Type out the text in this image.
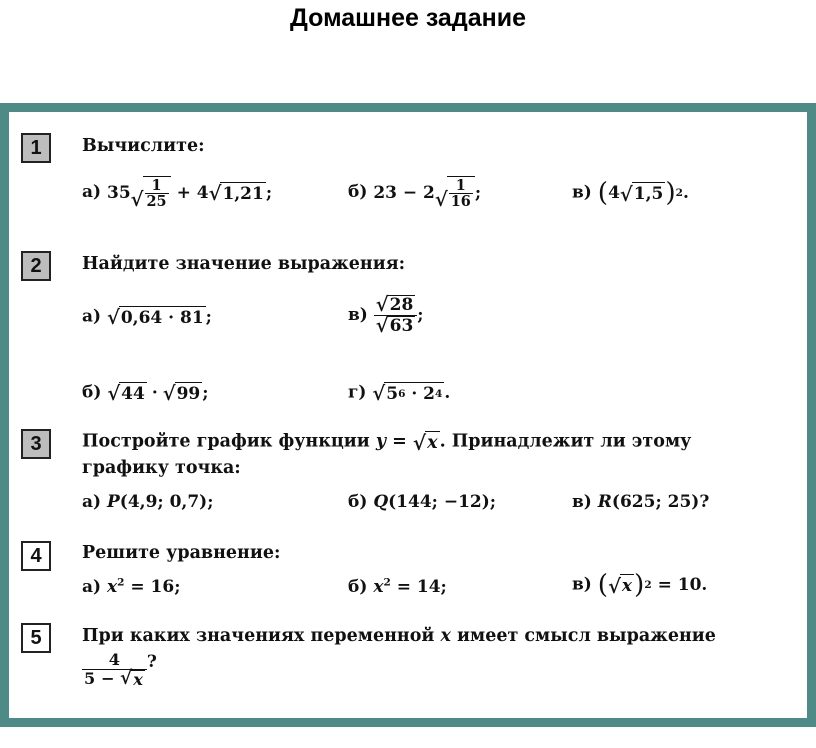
Домашнее задание
1	Вычислите:
а) 35 √ $\frac{1}{25} + 4$ √ 1,21 ;	б) 23 − 2 √ $\frac{1}{16}$ ;	в) ( 4 √ 1,5 ) 2 .
2	Найдите значение выражения:
а) √ 0,64 · 81 ;	$в) \frac{√ 28}{√ 63}$ ;
б) √ 44 · √ 99 ;	г) √ 5 6
· 2 4 .
3	Постройте график функции y = √ x . Принадлежит ли этому
графику точка:
а) P(4,9; 0,7);	б) Q(144; −12);	в) R(625; 25)?
4	Решите уравнение:
а) $x^2 = 16$;	б) $x^2 = 14$;	в) ( √ x ) 2
= 10.
5	При каких значениях переменной x имеет смысл выражение
$\frac{4}{5 - √ x}$ ?
